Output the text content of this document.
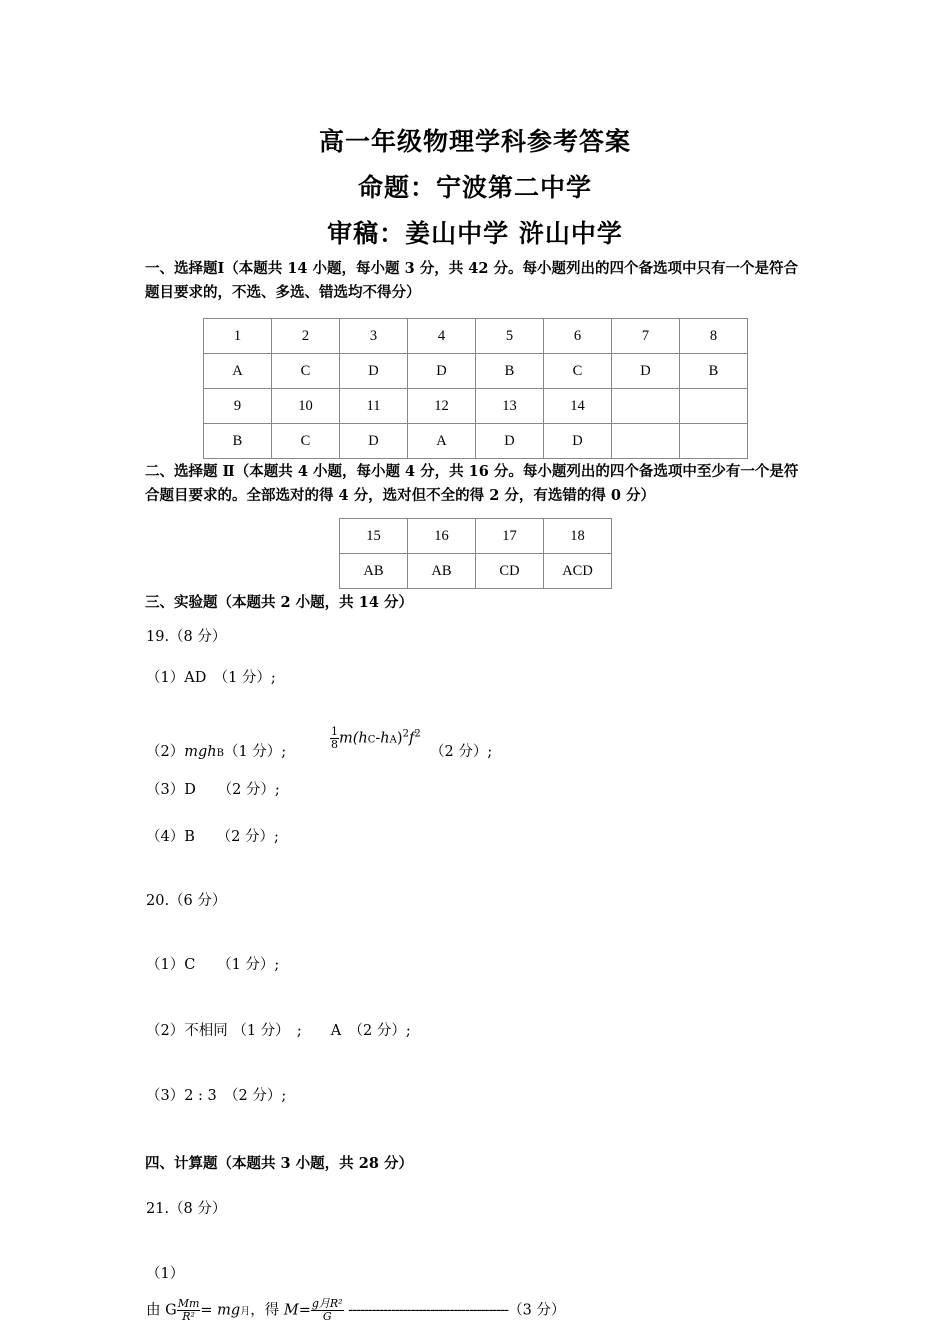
高一年级物理学科参考答案
命题：宁波第二中学
审稿：姜山中学 浒山中学
一、选择题Ⅰ（本题共 14 小题，每小题 3 分，共 42 分。每小题列出的四个备选项中只有一个是符合题目要求的，不选、多选、错选均不得分）
1	2	3	4	5	6	7	8
A	C	D	D	B	C	D	B
9	10	11	12	13	14		
B	C	D	A	D	D		
二、选择题 Ⅱ（本题共 4 小题，每小题 4 分，共 16 分。每小题列出的四个备选项中至少有一个是符合题目要求的。全部选对的得 4 分，选对但不全的得 2 分，有选错的得 0 分）
15	16	17	18
AB	AB	CD	ACD
三、实验题（本题共 2 小题，共 14 分）
19.（8 分）
（1）AD　（1 分）;
（2）mghB（1 分）;
$\frac{1}{8} m(hC-hA)^2f^2$
（2 分）;
（3）D　　（2 分）;
（4）B　　（2 分）;
20.（6 分）
（1）C　　（1 分）;
（2）不相同 （1 分）　;　　A　（2 分）;
（3）2 : 3　（2 分）;
四、计算题（本题共 3 小题，共 28 分）
21.（8 分）
（1）
由 G $\frac{Mm}{\text{R²}}$ = mg月，得 $M= \frac{\text{g月R²}}{G} -----------------------------------------(3$ 分）
